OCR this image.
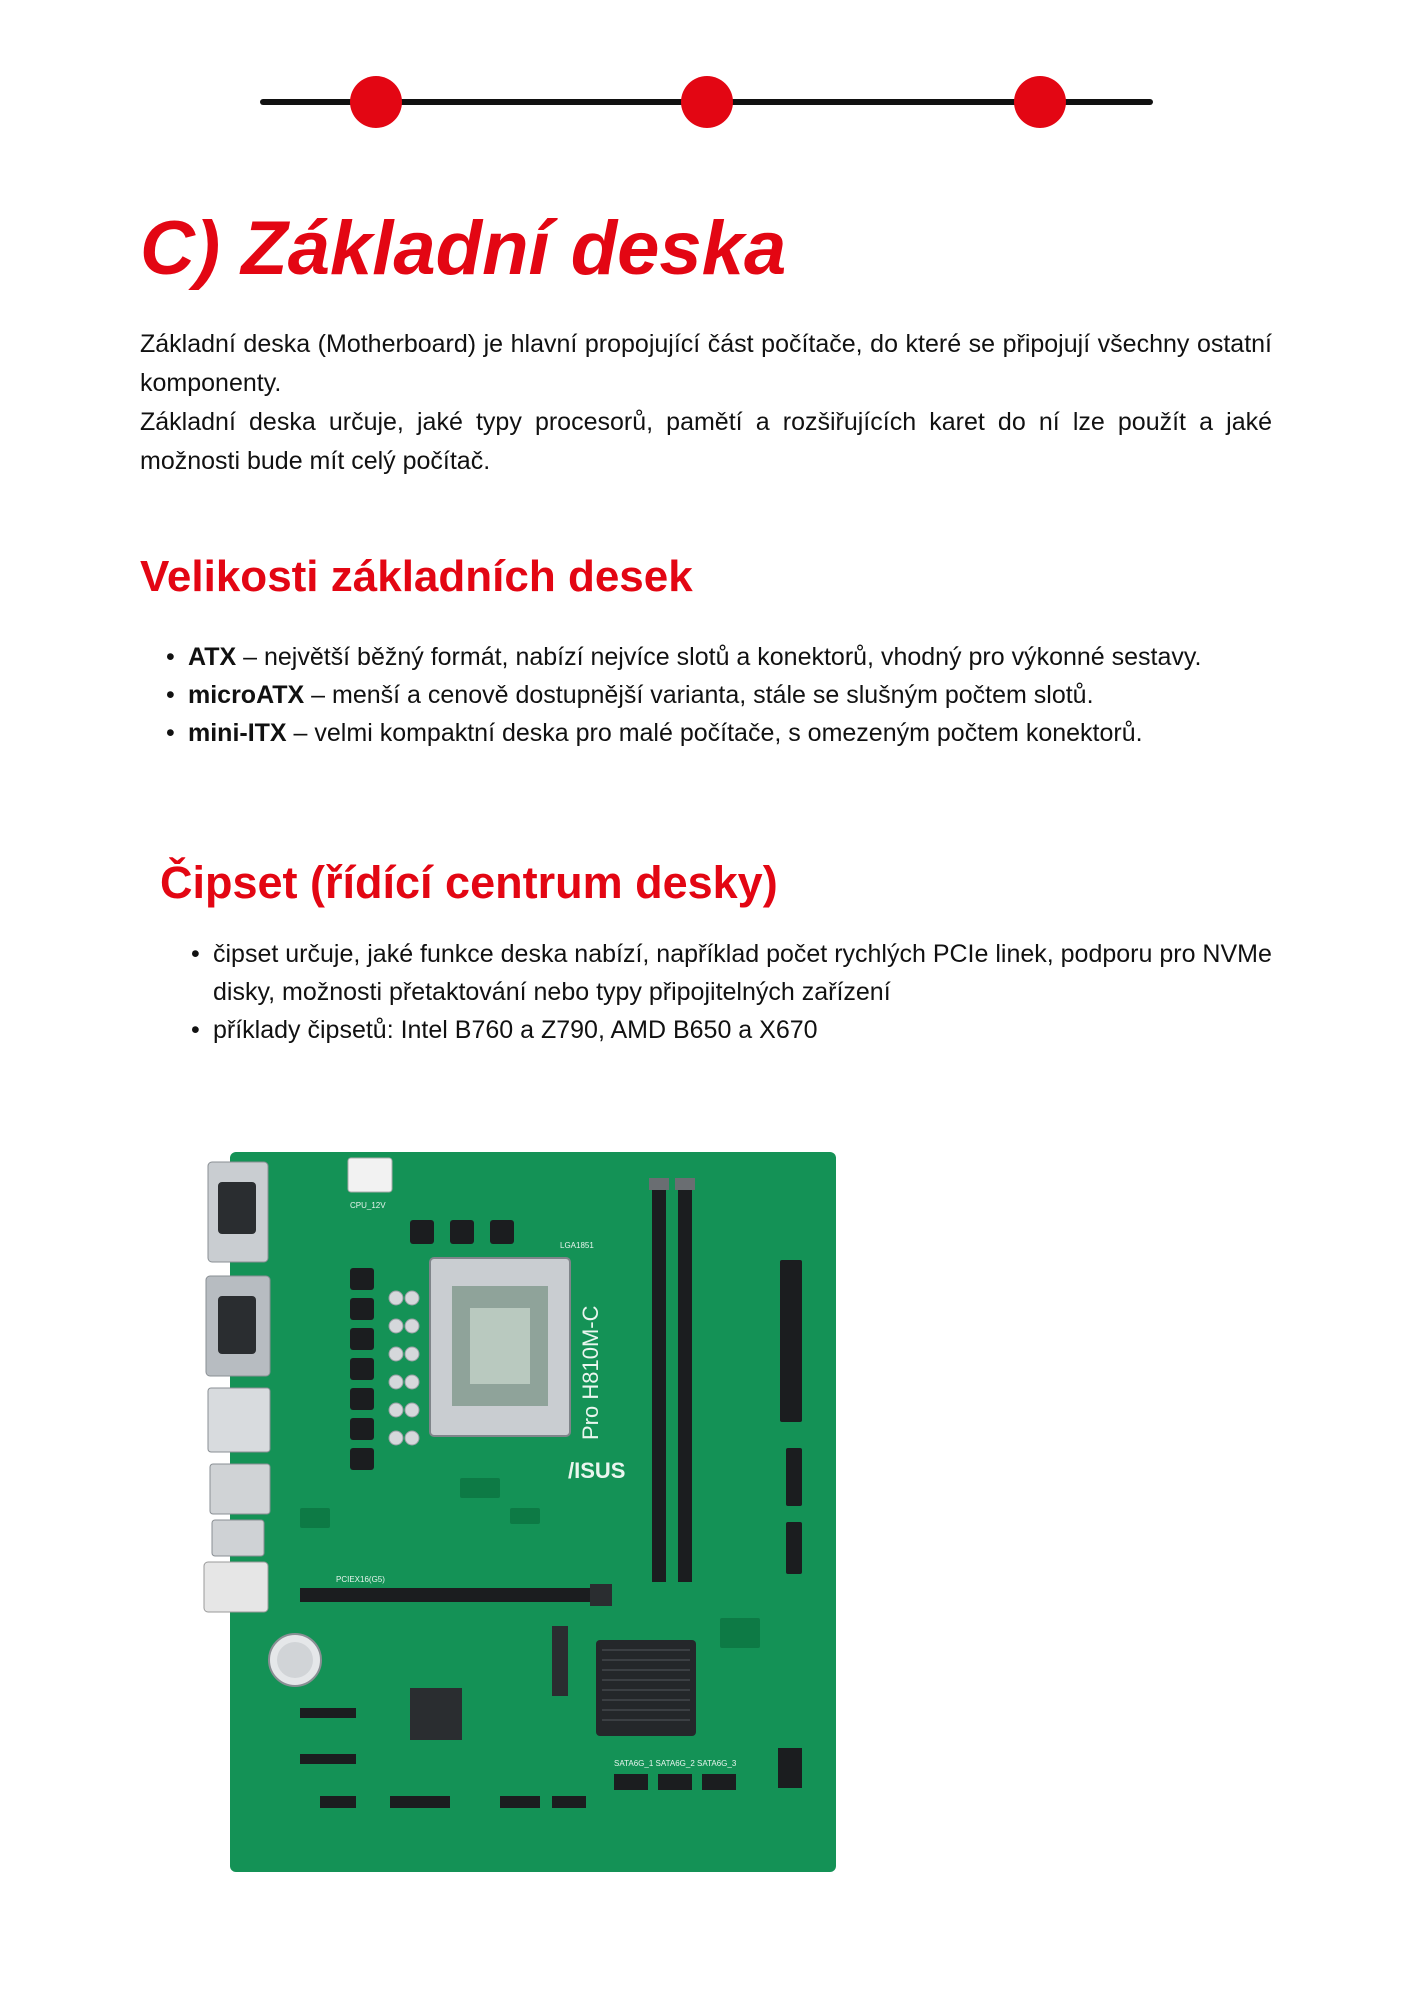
C) Základní deska

Základní deska (Motherboard) je hlavní propojující část počítače, do které se připojují všechny ostatní komponenty.

Základní deska určuje, jaké typy procesorů, pamětí a rozšiřujících karet do ní lze použít a jaké možnosti bude mít celý počítač.

Velikosti základních desek
• ATX – největší běžný formát, nabízí nejvíce slotů a konektorů, vhodný pro výkonné sestavy.
• microATX – menší a cenově dostupnější varianta, stále se slušným počtem slotů.
• mini-ITX – velmi kompaktní deska pro malé počítače, s omezeným počtem konektorů.
Čipset (řídící centrum desky)
• čipset určuje, jaké funkce deska nabízí, například počet rychlých PCIe linek, podporu pro NVMe disky, možnosti přetaktování nebo typy připojitelných zařízení
• příklady čipsetů: Intel B760 a Z790, AMD B650 a X670
CPU_12V
LGA1851
Pro H810M-C
/ISUS
PCIEX16(G5)
SATA6G_1 SATA6G_2 SATA6G_3
